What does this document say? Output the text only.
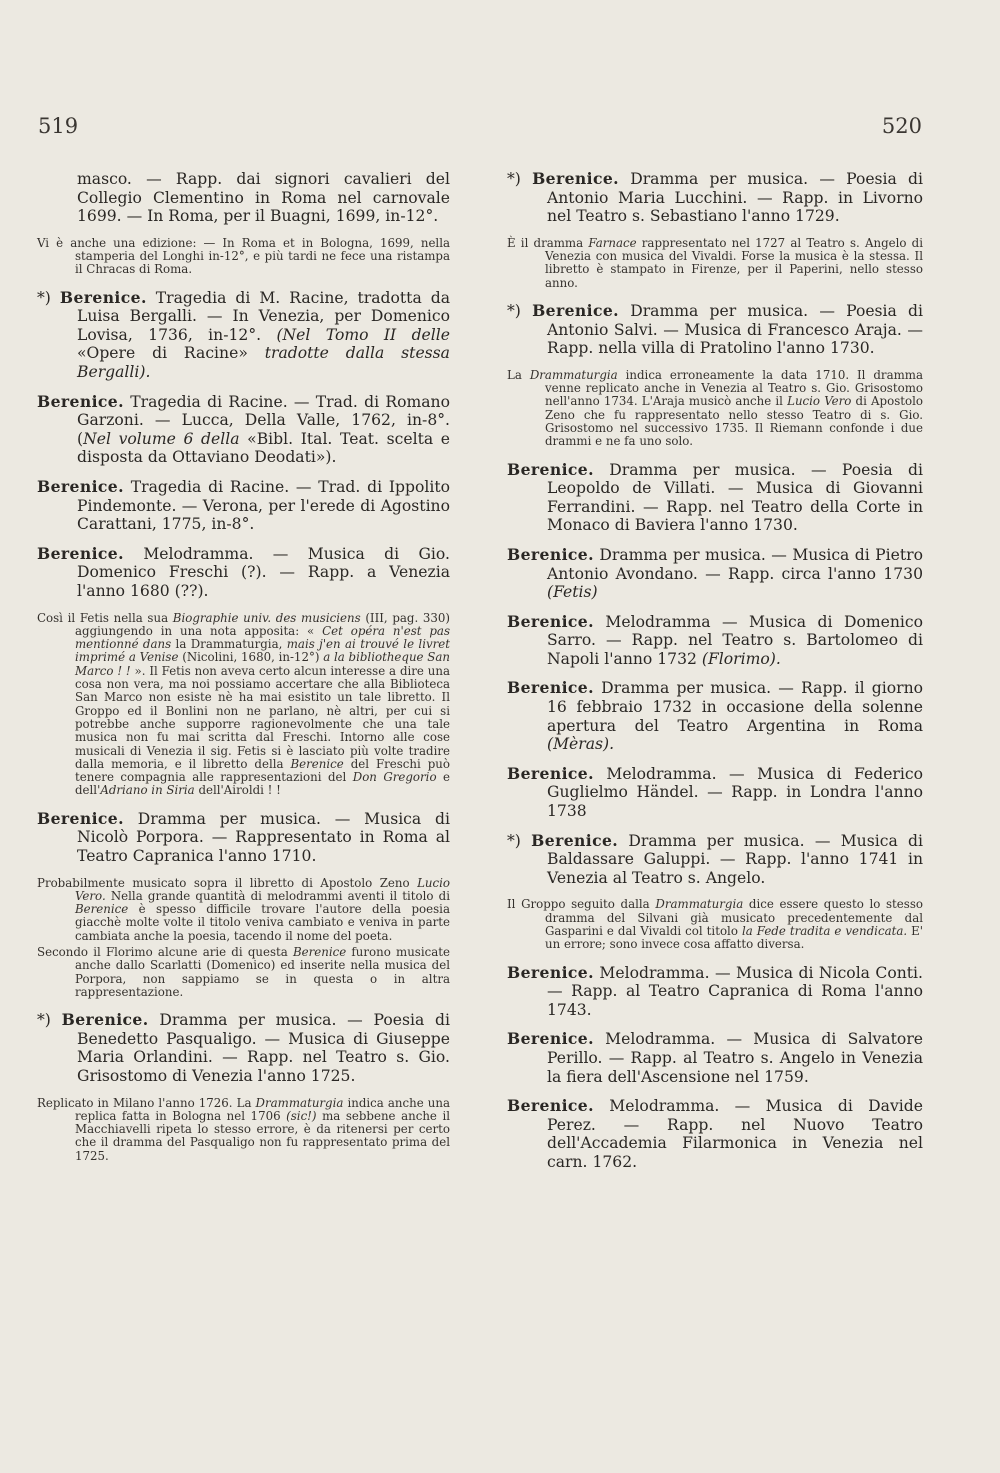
519	520

masco. — Rapp. dai signori cavalieri del Collegio Clementino in Roma nel carnovale 1699. — In Roma, per il Buagni, 1699, in-12°.

Vi è anche una edizione: — In Roma et in Bologna, 1699, nella stamperia del Longhi in-12°, e più tardi ne fece una ristampa il Chracas di Roma.

*) Berenice. Tragedia di M. Racine, tradotta da Luisa Bergalli. — In Venezia, per Domenico Lovisa, 1736, in-12°. (Nel Tomo II delle «Opere di Racine» tradotte dalla stessa Bergalli).

Berenice. Tragedia di Racine. — Trad. di Romano Garzoni. — Lucca, Della Valle, 1762, in-8°. (Nel volume 6 della «Bibl. Ital. Teat. scelta e disposta da Ottaviano Deodati»).

Berenice. Tragedia di Racine. — Trad. di Ippolito Pindemonte. — Verona, per l'erede di Agostino Carattani, 1775, in-8°.

Berenice. Melodramma. — Musica di Gio. Domenico Freschi (?). — Rapp. a Venezia l'anno 1680 (??).

Così il Fetis nella sua Biographie univ. des musiciens (III, pag. 330) aggiungendo in una nota apposita: « Cet opéra n'est pas mentionné dans la Drammaturgia, mais j'en ai trouvé le livret imprimé a Venise (Nicolini, 1680, in-12°) a la bibliotheque San Marco ! ! ». Il Fetis non aveva certo alcun interesse a dire una cosa non vera, ma noi possiamo accertare che alla Biblioteca San Marco non esiste nè ha mai esistito un tale libretto. Il Groppo ed il Bonlini non ne parlano, nè altri, per cui si potrebbe anche supporre ragionevolmente che una tale musica non fu mai scritta dal Freschi. Intorno alle cose musicali di Venezia il sig. Fetis si è lasciato più volte tradire dalla memoria, e il libretto della Berenice del Freschi può tenere compagnia alle rappresentazioni del Don Gregorio e dell'Adriano in Siria dell'Airoldi ! !

Berenice. Dramma per musica. — Musica di Nicolò Porpora. — Rappresentato in Roma al Teatro Capranica l'anno 1710.

Probabilmente musicato sopra il libretto di Apostolo Zeno Lucio Vero. Nella grande quantità di melodrammi aventi il titolo di Berenice è spesso difficile trovare l'autore della poesia giacchè molte volte il titolo veniva cambiato e veniva in parte cambiata anche la poesia, tacendo il nome del poeta.

Secondo il Florimo alcune arie di questa Berenice furono musicate anche dallo Scarlatti (Domenico) ed inserite nella musica del Porpora, non sappiamo se in questa o in altra rappresentazione.

*) Berenice. Dramma per musica. — Poesia di Benedetto Pasqualigo. — Musica di Giuseppe Maria Orlandini. — Rapp. nel Teatro s. Gio. Grisostomo di Venezia l'anno 1725.

Replicato in Milano l'anno 1726. La Drammaturgia indica anche una replica fatta in Bologna nel 1706 (sic!) ma sebbene anche il Macchiavelli ripeta lo stesso errore, è da ritenersi per certo che il dramma del Pasqualigo non fu rappresentato prima del 1725.

*) Berenice. Dramma per musica. — Poesia di Antonio Maria Lucchini. — Rapp. in Livorno nel Teatro s. Sebastiano l'anno 1729.

È il dramma Farnace rappresentato nel 1727 al Teatro s. Angelo di Venezia con musica del Vivaldi. Forse la musica è la stessa. Il libretto è stampato in Firenze, per il Paperini, nello stesso anno.

*) Berenice. Dramma per musica. — Poesia di Antonio Salvi. — Musica di Francesco Araja. — Rapp. nella villa di Pratolino l'anno 1730.

La Drammaturgia indica erroneamente la data 1710. Il dramma venne replicato anche in Venezia al Teatro s. Gio. Grisostomo nell'anno 1734. L'Araja musicò anche il Lucio Vero di Apostolo Zeno che fu rappresentato nello stesso Teatro di s. Gio. Grisostomo nel successivo 1735. Il Riemann confonde i due drammi e ne fa uno solo.

Berenice. Dramma per musica. — Poesia di Leopoldo de Villati. — Musica di Giovanni Ferrandini. — Rapp. nel Teatro della Corte in Monaco di Baviera l'anno 1730.

Berenice. Dramma per musica. — Musica di Pietro Antonio Avondano. — Rapp. circa l'anno 1730 (Fetis)

Berenice. Melodramma — Musica di Domenico Sarro. — Rapp. nel Teatro s. Bartolomeo di Napoli l'anno 1732 (Florimo).

Berenice. Dramma per musica. — Rapp. il giorno 16 febbraio 1732 in occasione della solenne apertura del Teatro Argentina in Roma (Mèras).

Berenice. Melodramma. — Musica di Federico Guglielmo Händel. — Rapp. in Londra l'anno 1738

*) Berenice. Dramma per musica. — Musica di Baldassare Galuppi. — Rapp. l'anno 1741 in Venezia al Teatro s. Angelo.

Il Groppo seguito dalla Drammaturgia dice essere questo lo stesso dramma del Silvani già musicato precedentemente dal Gasparini e dal Vivaldi col titolo la Fede tradita e vendicata. E' un errore; sono invece cosa affatto diversa.

Berenice. Melodramma. — Musica di Nicola Conti. — Rapp. al Teatro Capranica di Roma l'anno 1743.

Berenice. Melodramma. — Musica di Salvatore Perillo. — Rapp. al Teatro s. Angelo in Venezia la fiera dell'Ascensione nel 1759.

Berenice. Melodramma. — Musica di Davide Perez. — Rapp. nel Nuovo Teatro dell'Accademia Filarmonica in Venezia nel carn. 1762.
